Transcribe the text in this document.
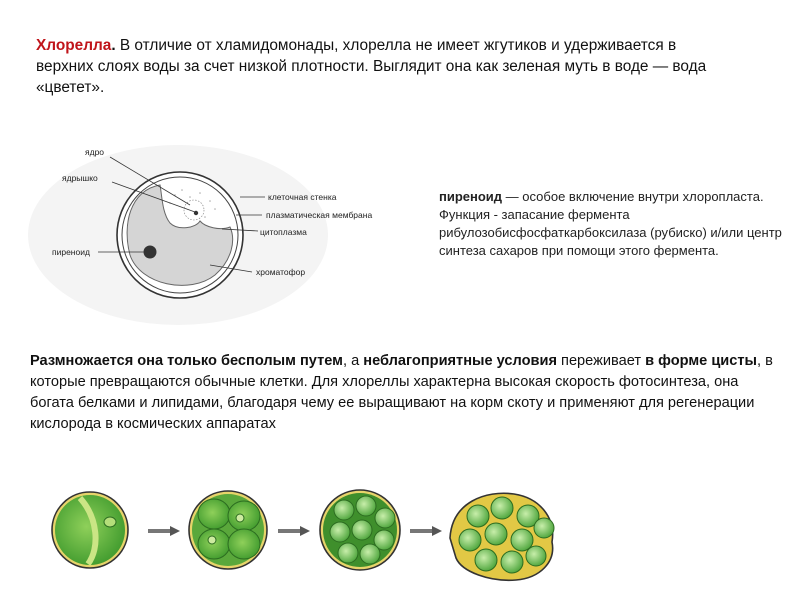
Хлорелла. В отличие от хламидомонады, хлорелла не имеет жгутиков и удерживается в верхних слоях воды за счет низкой плотности. Выглядит она как зеленая муть в воде — вода «цветет».
ядро
ядрышко
пиреноид
клеточная стенка
плазматическая мембрана
цитоплазма
хроматофор
пиреноид — особое включение внутри хлоропласта. Функция - запасание фермента рибулозобисфосфаткарбоксилаза (рубиско) и/или центр синтеза сахаров при помощи этого фермента.
Размножается она только бесполым путем, а неблагоприятные условия переживает в форме цисты, в которые превращаются обычные клетки. Для хлореллы характерна высокая скорость фотосинтеза, она богата белками и липидами, благодаря чему ее выращивают на корм скоту и применяют для регенерации кислорода в космических аппаратах
